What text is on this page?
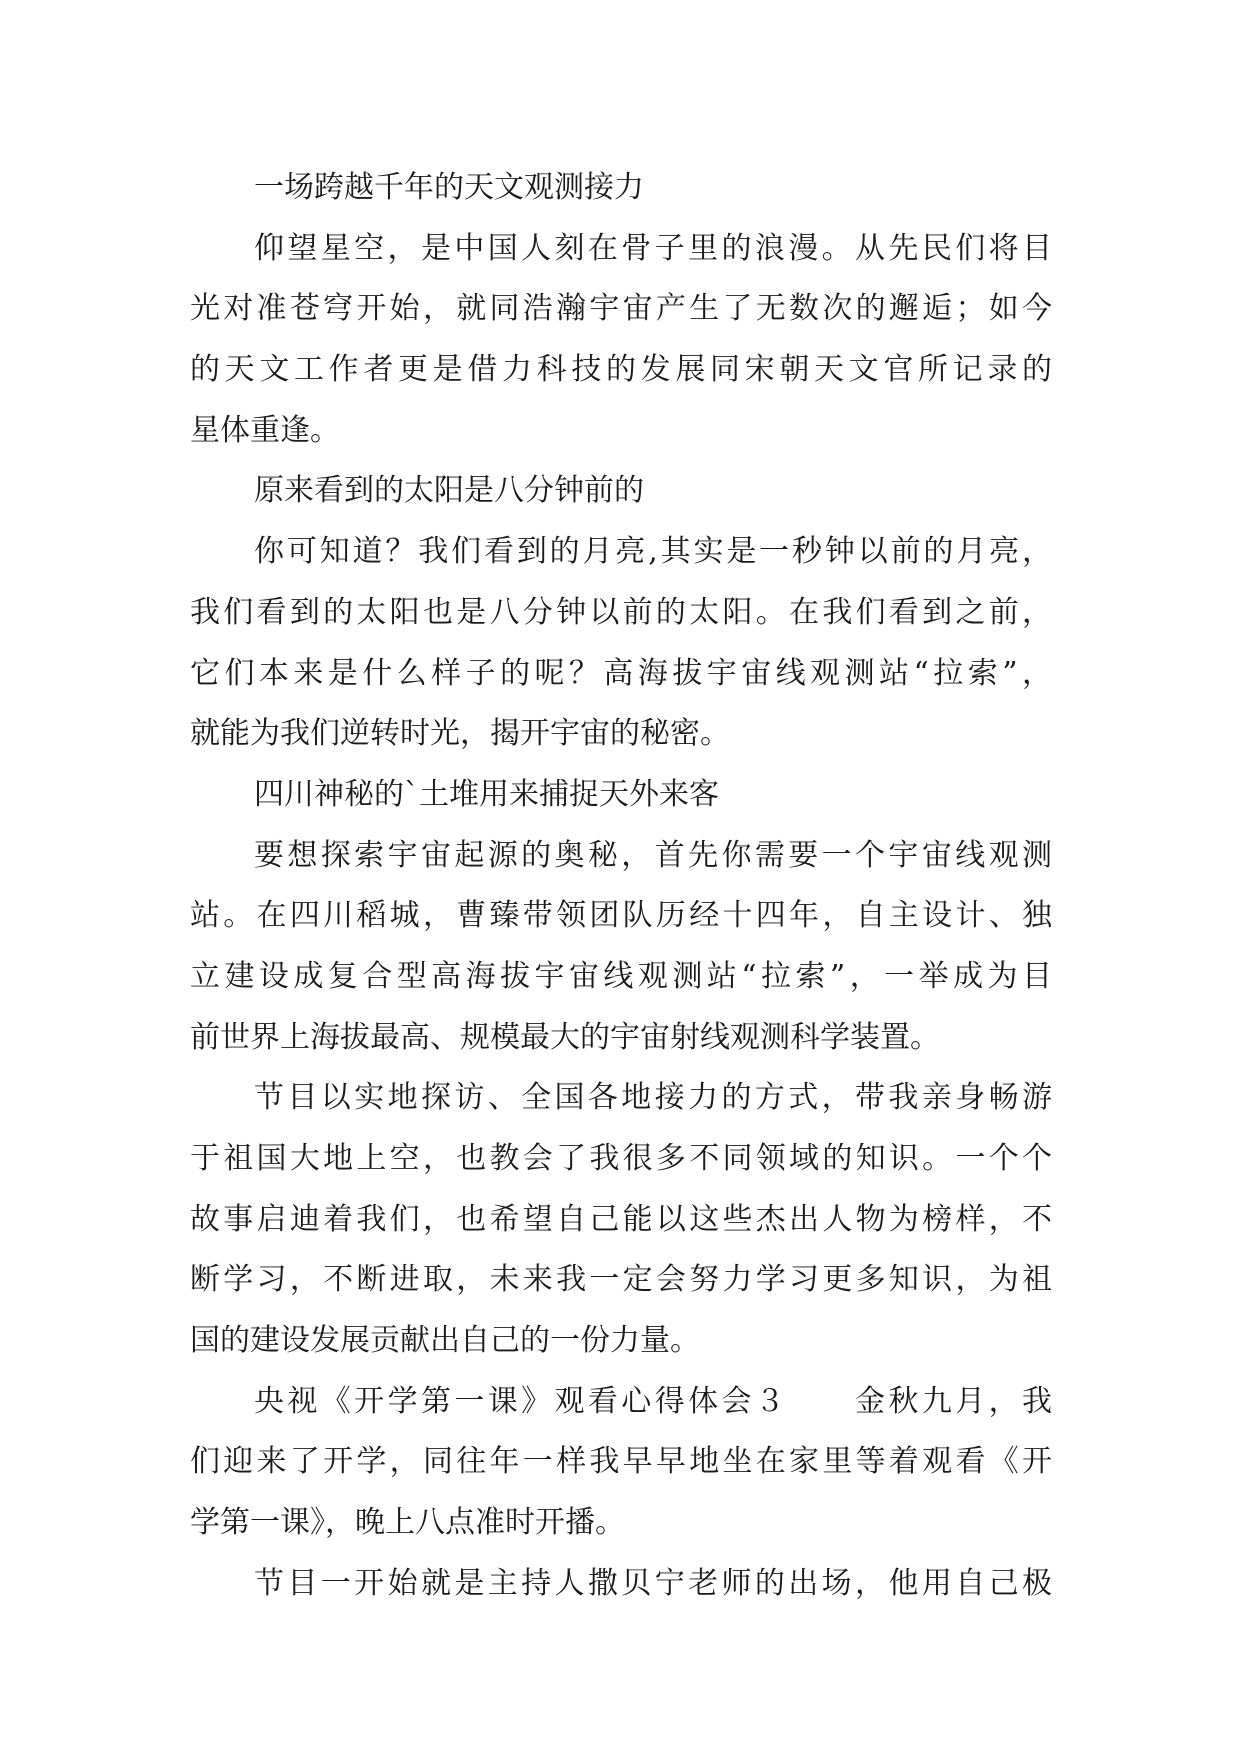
一场跨越千年的天文观测接力
仰望星空，是中国人刻在骨子里的浪漫。从先民们将目
光对准苍穹开始，就同浩瀚宇宙产生了无数次的邂逅；如今
的天文工作者更是借力科技的发展同宋朝天文官所记录的
星体重逢。
原来看到的太阳是八分钟前的
你可知道？我们看到的月亮,其实是一秒钟以前的月亮，
我们看到的太阳也是八分钟以前的太阳。在我们看到之前，
它们本来是什么样子的呢？高海拔宇宙线观测站“拉索”，
就能为我们逆转时光，揭开宇宙的秘密。
四川神秘的`土堆用来捕捉天外来客
要想探索宇宙起源的奥秘，首先你需要一个宇宙线观测
站。在四川稻城，曹臻带领团队历经十四年，自主设计、独
立建设成复合型高海拔宇宙线观测站“拉索”，一举成为目
前世界上海拔最高、规模最大的宇宙射线观测科学装置。
节目以实地探访、全国各地接力的方式，带我亲身畅游
于祖国大地上空，也教会了我很多不同领域的知识。一个个
故事启迪着我们，也希望自己能以这些杰出人物为榜样，不
断学习，不断进取，未来我一定会努力学习更多知识，为祖
国的建设发展贡献出自己的一份力量。
央视《开学第一课》观看心得体会３　　金秋九月，我
们迎来了开学，同往年一样我早早地坐在家里等着观看《开
学第一课》，晚上八点准时开播。
节目一开始就是主持人撒贝宁老师的出场，他用自己极
